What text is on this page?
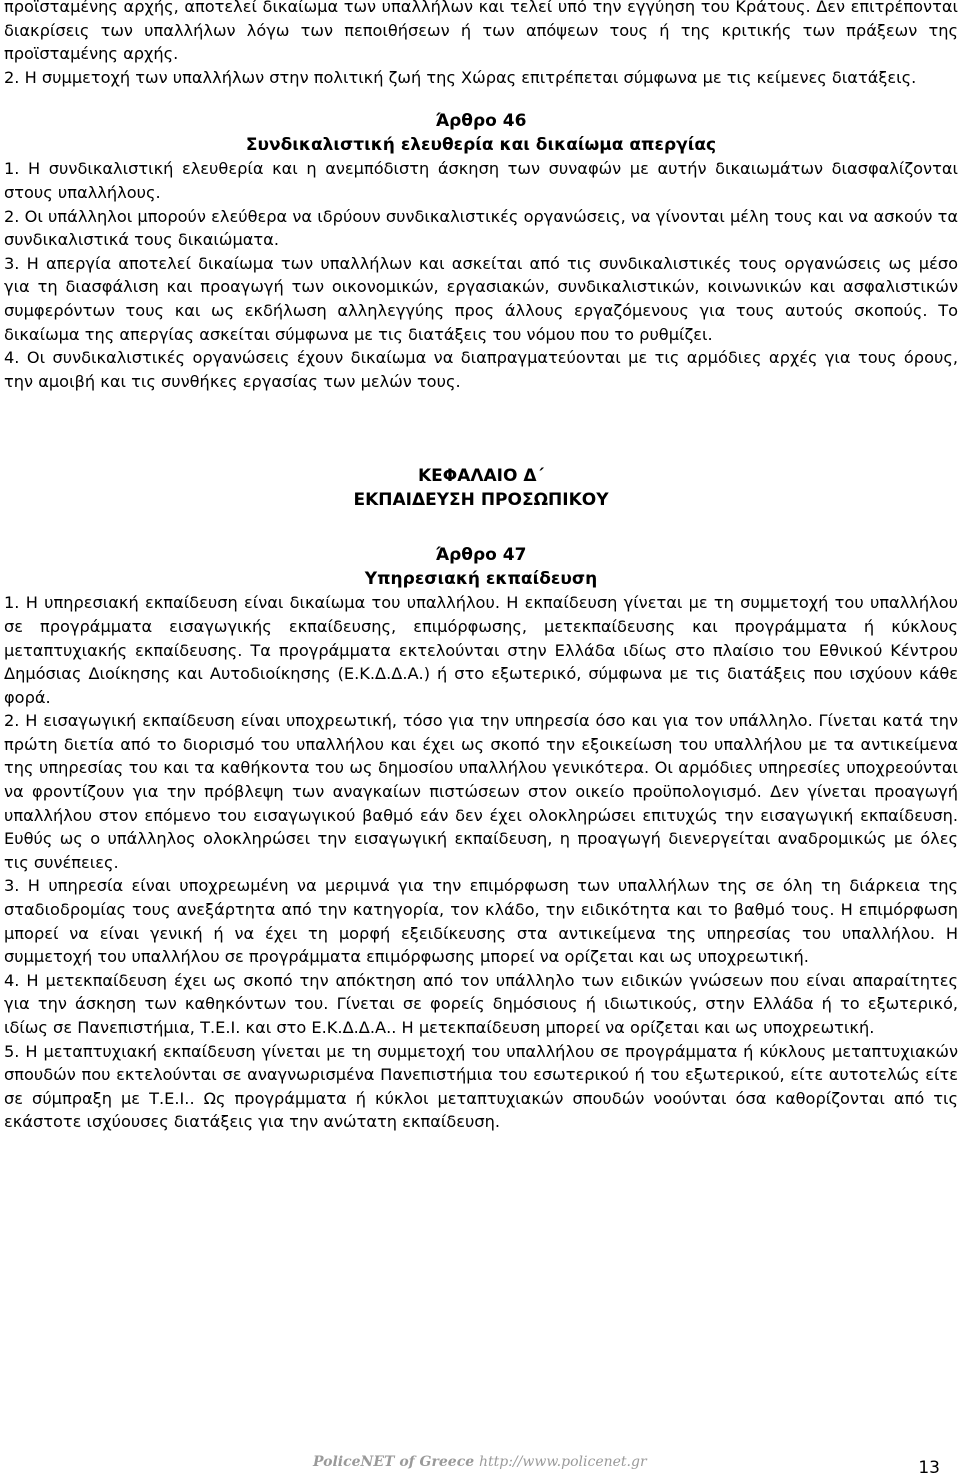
προϊσταμένης αρχής, αποτελεί δικαίωμα των υπαλλήλων και τελεί υπό την εγγύηση του Κράτους. Δεν επιτρέπονται διακρίσεις των υπαλλήλων λόγω των πεποιθήσεων ή των απόψεων τους ή της κριτικής των πράξεων της προϊσταμένης αρχής.

2. Η συμμετοχή των υπαλλήλων στην πολιτική ζωή της Χώρας επιτρέπεται σύμφωνα με τις κείμενες διατάξεις.

Άρθρο 46
Συνδικαλιστική ελευθερία και δικαίωμα απεργίας

1. Η συνδικαλιστική ελευθερία και η ανεμπόδιστη άσκηση των συναφών με αυτήν δικαιωμάτων διασφαλίζονται στους υπαλλήλους.

2. Οι υπάλληλοι μπορούν ελεύθερα να ιδρύουν συνδικαλιστικές οργανώσεις, να γίνονται μέλη τους και να ασκούν τα συνδικαλιστικά τους δικαιώματα.

3. Η απεργία αποτελεί δικαίωμα των υπαλλήλων και ασκείται από τις συνδικαλιστικές τους οργανώσεις ως μέσο για τη διασφάλιση και προαγωγή των οικονομικών, εργασιακών, συνδικαλιστικών, κοινωνικών και ασφαλιστικών συμφερόντων τους και ως εκδήλωση αλληλεγγύης προς άλλους εργαζόμενους για τους αυτούς σκοπούς. Το δικαίωμα της απεργίας ασκείται σύμφωνα με τις διατάξεις του νόμου που το ρυθμίζει.

4. Οι συνδικαλιστικές οργανώσεις έχουν δικαίωμα να διαπραγματεύονται με τις αρμόδιες αρχές για τους όρους, την αμοιβή και τις συνθήκες εργασίας των μελών τους.

ΚΕΦΑΛΑΙΟ Δ΄
ΕΚΠΑΙΔΕΥΣΗ ΠΡΟΣΩΠΙΚΟΥ
Άρθρο 47
Υπηρεσιακή εκπαίδευση

1. Η υπηρεσιακή εκπαίδευση είναι δικαίωμα του υπαλλήλου. Η εκπαίδευση γίνεται με τη συμμετοχή του υπαλλήλου σε προγράμματα εισαγωγικής εκπαίδευσης, επιμόρφωσης, μετεκπαίδευσης και προγράμματα ή κύκλους μεταπτυχιακής εκπαίδευσης. Τα προγράμματα εκτελούνται στην Ελλάδα ιδίως στο πλαίσιο του Εθνικού Κέντρου Δημόσιας Διοίκησης και Αυτοδιοίκησης (Ε.Κ.Δ.Δ.Α.) ή στο εξωτερικό, σύμφωνα με τις διατάξεις που ισχύουν κάθε φορά.

2. Η εισαγωγική εκπαίδευση είναι υποχρεωτική, τόσο για την υπηρεσία όσο και για τον υπάλληλο. Γίνεται κατά την πρώτη διετία από το διορισμό του υπαλλήλου και έχει ως σκοπό την εξοικείωση του υπαλλήλου με τα αντικείμενα της υπηρεσίας του και τα καθήκοντα του ως δημοσίου υπαλλήλου γενικότερα. Οι αρμόδιες υπηρεσίες υποχρεούνται να φροντίζουν για την πρόβλεψη των αναγκαίων πιστώσεων στον οικείο προϋπολογισμό. Δεν γίνεται προαγωγή υπαλλήλου στον επόμενο του εισαγωγικού βαθμό εάν δεν έχει ολοκληρώσει επιτυχώς την εισαγωγική εκπαίδευση. Ευθύς ως ο υπάλληλος ολοκληρώσει την εισαγωγική εκπαίδευση, η προαγωγή διενεργείται αναδρομικώς με όλες τις συνέπειες.

3. Η υπηρεσία είναι υποχρεωμένη να μεριμνά για την επιμόρφωση των υπαλλήλων της σε όλη τη διάρκεια της σταδιοδρομίας τους ανεξάρτητα από την κατηγορία, τον κλάδο, την ειδικότητα και το βαθμό τους. Η επιμόρφωση μπορεί να είναι γενική ή να έχει τη μορφή εξειδίκευσης στα αντικείμενα της υπηρεσίας του υπαλλήλου. Η συμμετοχή του υπαλλήλου σε προγράμματα επιμόρφωσης μπορεί να ορίζεται και ως υποχρεωτική.

4. Η μετεκπαίδευση έχει ως σκοπό την απόκτηση από τον υπάλληλο των ειδικών γνώσεων που είναι απαραίτητες για την άσκηση των καθηκόντων του. Γίνεται σε φορείς δημόσιους ή ιδιωτικούς, στην Ελλάδα ή το εξωτερικό, ιδίως σε Πανεπιστήμια, Τ.Ε.Ι. και στο Ε.Κ.Δ.Δ.Α.. Η μετεκπαίδευση μπορεί να ορίζεται και ως υποχρεωτική.

5. Η μεταπτυχιακή εκπαίδευση γίνεται με τη συμμετοχή του υπαλλήλου σε προγράμματα ή κύκλους μεταπτυχιακών σπουδών που εκτελούνται σε αναγνωρισμένα Πανεπιστήμια του εσωτερικού ή του εξωτερικού, είτε αυτοτελώς είτε σε σύμπραξη με Τ.Ε.Ι.. Ως προγράμματα ή κύκλοι μεταπτυχιακών σπουδών νοούνται όσα καθορίζονται από τις εκάστοτε ισχύουσες διατάξεις για την ανώτατη εκπαίδευση.

PoliceNET of Greece http://www.policenet.gr	13
